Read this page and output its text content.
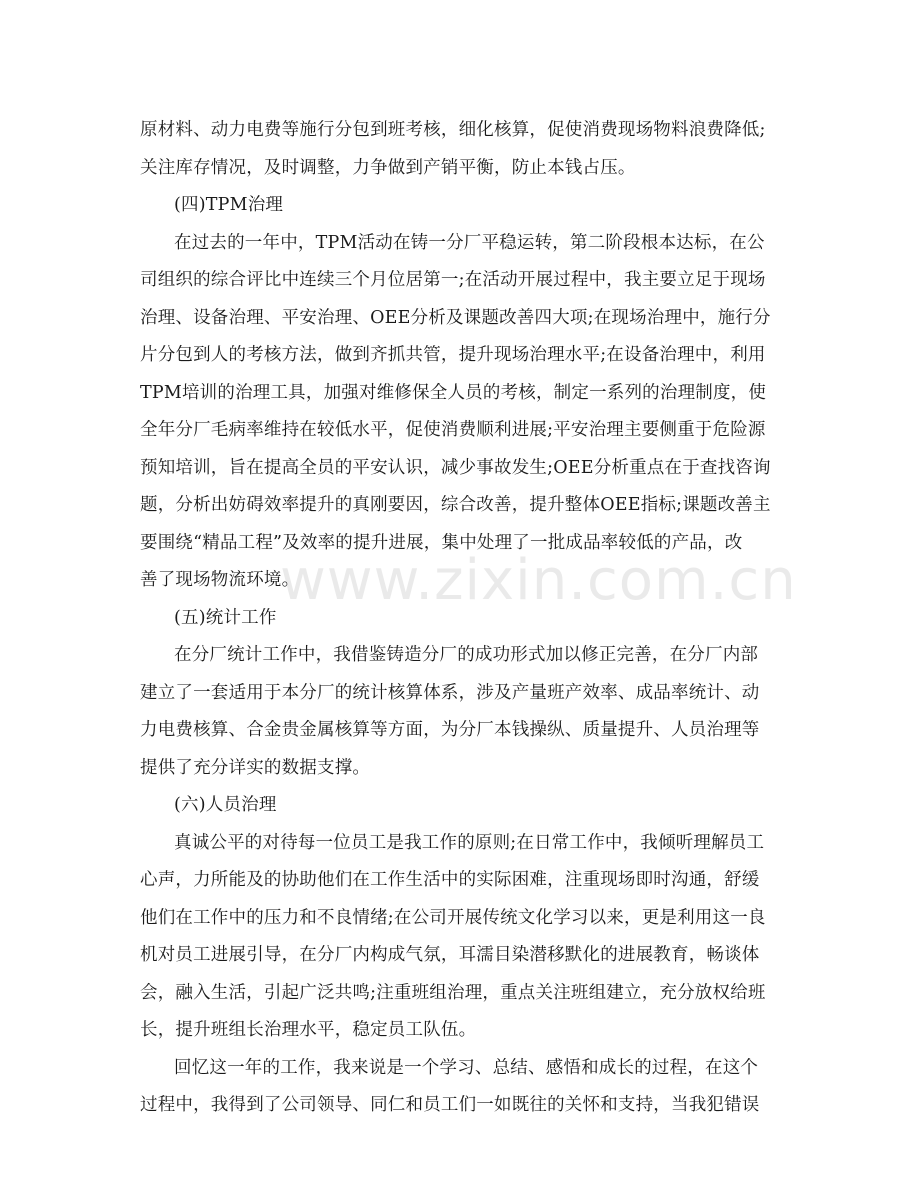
www.zixin.com.cn
原材料、动力电费等施行分包到班考核，细化核算，促使消费现场物料浪费降低;
关注库存情况，及时调整，力争做到产销平衡，防止本钱占压。
(四)TPM治理
在过去的一年中，TPM活动在铸一分厂平稳运转，第二阶段根本达标，在公
司组织的综合评比中连续三个月位居第一;在活动开展过程中，我主要立足于现场
治理、设备治理、平安治理、OEE分析及课题改善四大项;在现场治理中，施行分
片分包到人的考核方法，做到齐抓共管，提升现场治理水平;在设备治理中，利用
TPM培训的治理工具，加强对维修保全人员的考核，制定一系列的治理制度，使
全年分厂毛病率维持在较低水平，促使消费顺利进展;平安治理主要侧重于危险源
预知培训，旨在提高全员的平安认识，减少事故发生;OEE分析重点在于查找咨询
题，分析出妨碍效率提升的真刚要因，综合改善，提升整体OEE指标;课题改善主
要围绕“精品工程”及效率的提升进展，集中处理了一批成品率较低的产品，改
善了现场物流环境。
(五)统计工作
在分厂统计工作中，我借鉴铸造分厂的成功形式加以修正完善，在分厂内部
建立了一套适用于本分厂的统计核算体系，涉及产量班产效率、成品率统计、动
力电费核算、合金贵金属核算等方面，为分厂本钱操纵、质量提升、人员治理等
提供了充分详实的数据支撑。
(六)人员治理
真诚公平的对待每一位员工是我工作的原则;在日常工作中，我倾听理解员工
心声，力所能及的协助他们在工作生活中的实际困难，注重现场即时沟通，舒缓
他们在工作中的压力和不良情绪;在公司开展传统文化学习以来，更是利用这一良
机对员工进展引导，在分厂内构成气氛，耳濡目染潜移默化的进展教育，畅谈体
会，融入生活，引起广泛共鸣;注重班组治理，重点关注班组建立，充分放权给班
长，提升班组长治理水平，稳定员工队伍。
回忆这一年的工作，我来说是一个学习、总结、感悟和成长的过程，在这个
过程中，我得到了公司领导、同仁和员工们一如既往的关怀和支持，当我犯错误
